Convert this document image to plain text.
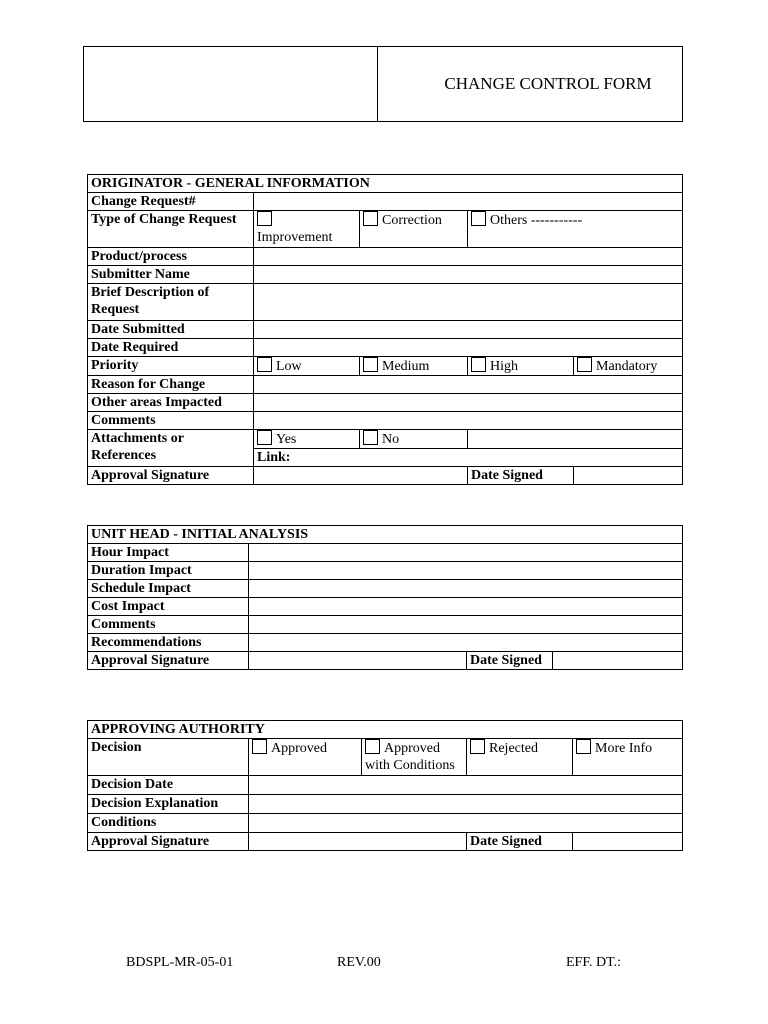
CHANGE CONTROL FORM
ORIGINATOR - GENERAL INFORMATION				
Change Request#				
Type of Change Request	Improvement	Correction	Others -----------	
Product/process				
Submitter Name				
Brief Description of Request				
Date Submitted				
Date Required				
Priority	Low	Medium	High	Mandatory
Reason for Change				
Other areas Impacted				
Comments				
Attachments or References	Yes	No		
	Link:			
Approval Signature			Date Signed	
UNIT HEAD - INITIAL ANALYSIS			
Hour Impact			
Duration Impact			
Schedule Impact			
Cost Impact			
Comments			
Recommendations			
Approval Signature		Date Signed	
APPROVING AUTHORITY				
Decision	Approved	Approved with Conditions	Rejected	More Info
Decision Date				
Decision Explanation				
Conditions				
Approval Signature			Date Signed	
BDSPL-MR-05-01	REV.00	EFF. DT.:
